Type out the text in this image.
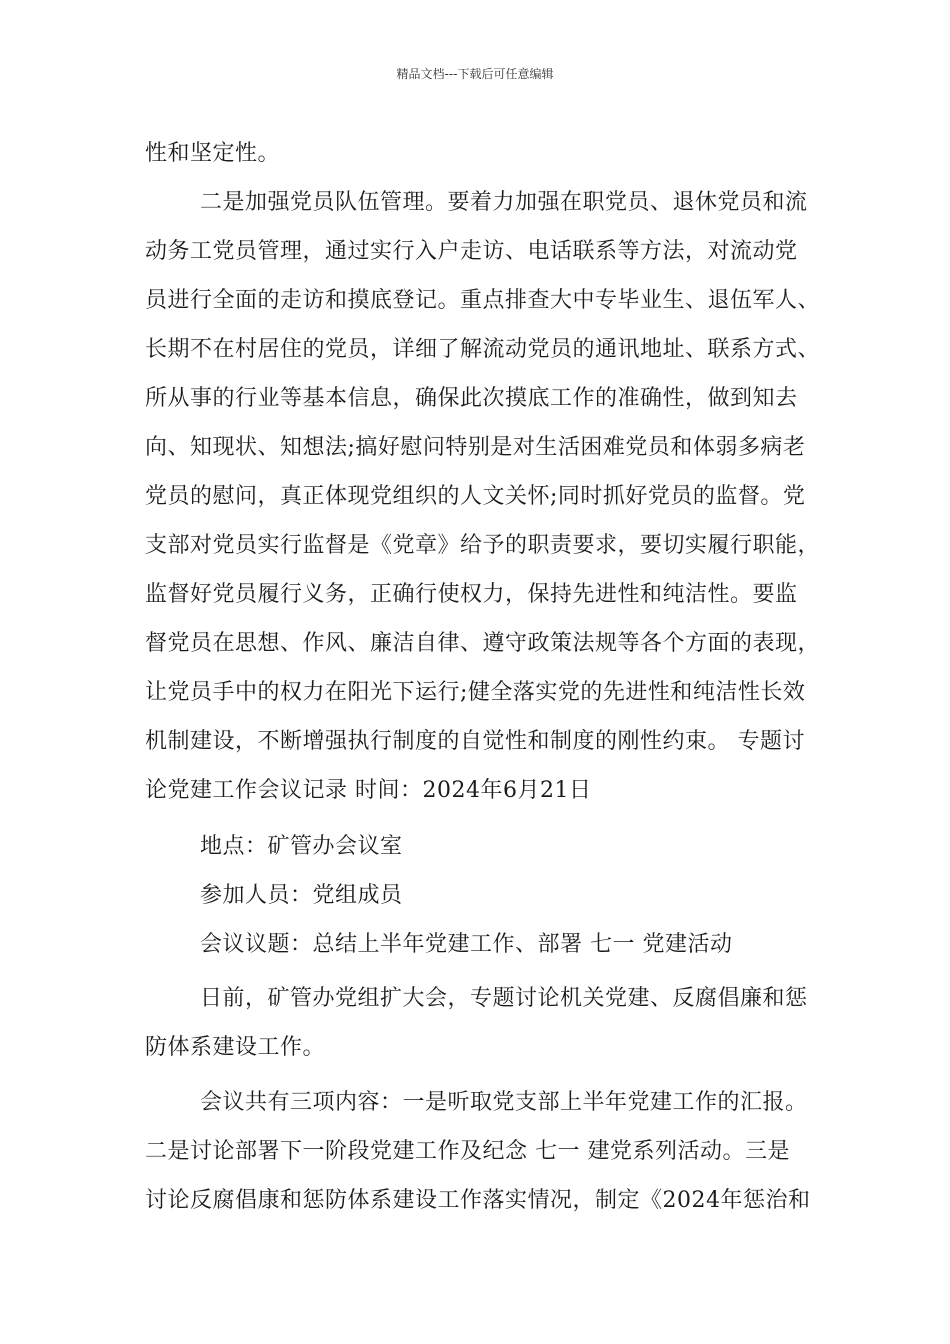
精品文档---下载后可任意编辑
性和坚定性。
二是加强党员队伍管理。要着力加强在职党员、退休党员和流
动务工党员管理，通过实行入户走访、电话联系等方法，对流动党
员进行全面的走访和摸底登记。重点排查大中专毕业生、退伍军人、
长期不在村居住的党员，详细了解流动党员的通讯地址、联系方式、
所从事的行业等基本信息，确保此次摸底工作的准确性，做到知去
向、知现状、知想法;搞好慰问特别是对生活困难党员和体弱多病老
党员的慰问，真正体现党组织的人文关怀;同时抓好党员的监督。党
支部对党员实行监督是《党章》给予的职责要求，要切实履行职能，
监督好党员履行义务，正确行使权力，保持先进性和纯洁性。要监
督党员在思想、作风、廉洁自律、遵守政策法规等各个方面的表现，
让党员手中的权力在阳光下运行;健全落实党的先进性和纯洁性长效
机制建设，不断增强执行制度的自觉性和制度的刚性约束。 专题讨
论党建工作会议记录 时间：2024年6月21日
地点：矿管办会议室
参加人员：党组成员
会议议题：总结上半年党建工作、部署 七一 党建活动
日前，矿管办党组扩大会，专题讨论机关党建、反腐倡廉和惩
防体系建设工作。
会议共有三项内容：一是听取党支部上半年党建工作的汇报。
二是讨论部署下一阶段党建工作及纪念 七一 建党系列活动。三是
讨论反腐倡康和惩防体系建设工作落实情况，制定《2024年惩治和
